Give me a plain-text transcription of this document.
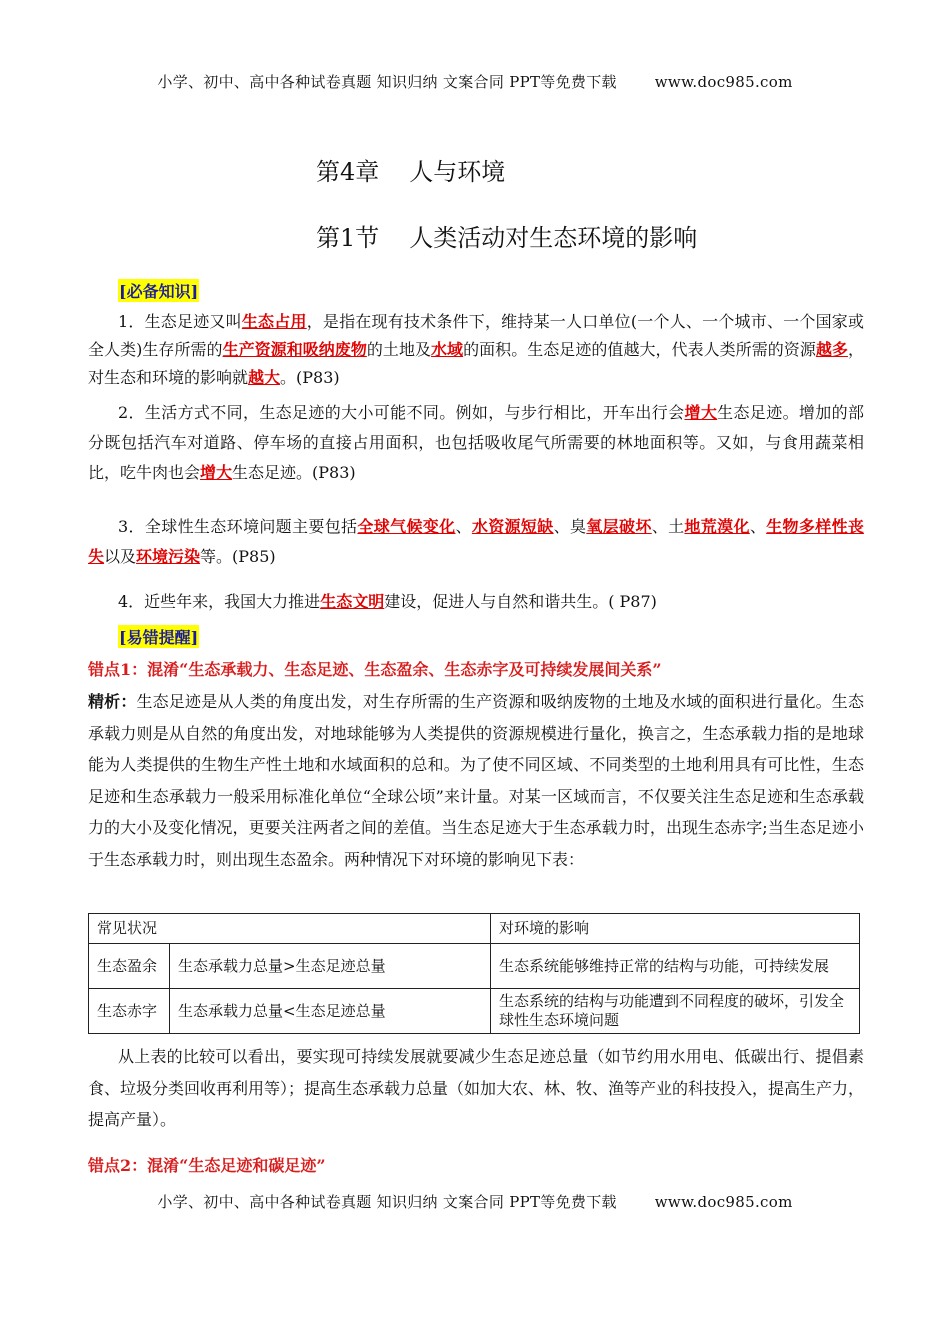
小学、初中、高中各种试卷真题 知识归纳 文案合同 PPT等免费下载	www.doc985.com
第4章 人与环境
第1节 人类活动对生态环境的影响
[必备知识]
1．生态足迹又叫生态占用，是指在现有技术条件下，维持某一人口单位(一个人、一个城市、一个国家或全人类)生存所需的生产资源和吸纳废物的土地及水域的面积。生态足迹的值越大，代表人类所需的资源越多，对生态和环境的影响就越大。(P83)
2．生活方式不同，生态足迹的大小可能不同。例如，与步行相比，开车出行会增大生态足迹。增加的部分既包括汽车对道路、停车场的直接占用面积，也包括吸收尾气所需要的林地面积等。又如，与食用蔬菜相比，吃牛肉也会增大生态足迹。(P83)
3．全球性生态环境问题主要包括全球气候变化、水资源短缺、臭氧层破坏、土地荒漠化、生物多样性丧失以及环境污染等。(P85)
4．近些年来，我国大力推进生态文明建设，促进人与自然和谐共生。( P87)
[易错提醒]
错点1：混淆“生态承载力、生态足迹、生态盈余、生态赤字及可持续发展间关系”
精析：生态足迹是从人类的角度出发，对生存所需的生产资源和吸纳废物的土地及水域的面积进行量化。生态承载力则是从自然的角度出发，对地球能够为人类提供的资源规模进行量化，换言之，生态承载力指的是地球能为人类提供的生物生产性土地和水域面积的总和。为了使不同区域、不同类型的土地利用具有可比性，生态足迹和生态承载力一般采用标准化单位“全球公顷”来计量。对某一区域而言，不仅要关注生态足迹和生态承载力的大小及变化情况，更要关注两者之间的差值。当生态足迹大于生态承载力时，出现生态赤字;当生态足迹小于生态承载力时，则出现生态盈余。两种情况下对环境的影响见下表：
常见状况		对环境的影响
生态盈余	生态承载力总量>生态足迹总量	生态系统能够维持正常的结构与功能，可持续发展
生态赤字	生态承载力总量<生态足迹总量	生态系统的结构与功能遭到不同程度的破坏，引发全球性生态环境问题
从上表的比较可以看出，要实现可持续发展就要减少生态足迹总量（如节约用水用电、低碳出行、提倡素食、垃圾分类回收再利用等）；提高生态承载力总量（如加大农、林、牧、渔等产业的科技投入，提高生产力，提高产量）。
错点2：混淆“生态足迹和碳足迹”
小学、初中、高中各种试卷真题 知识归纳 文案合同 PPT等免费下载	www.doc985.com
